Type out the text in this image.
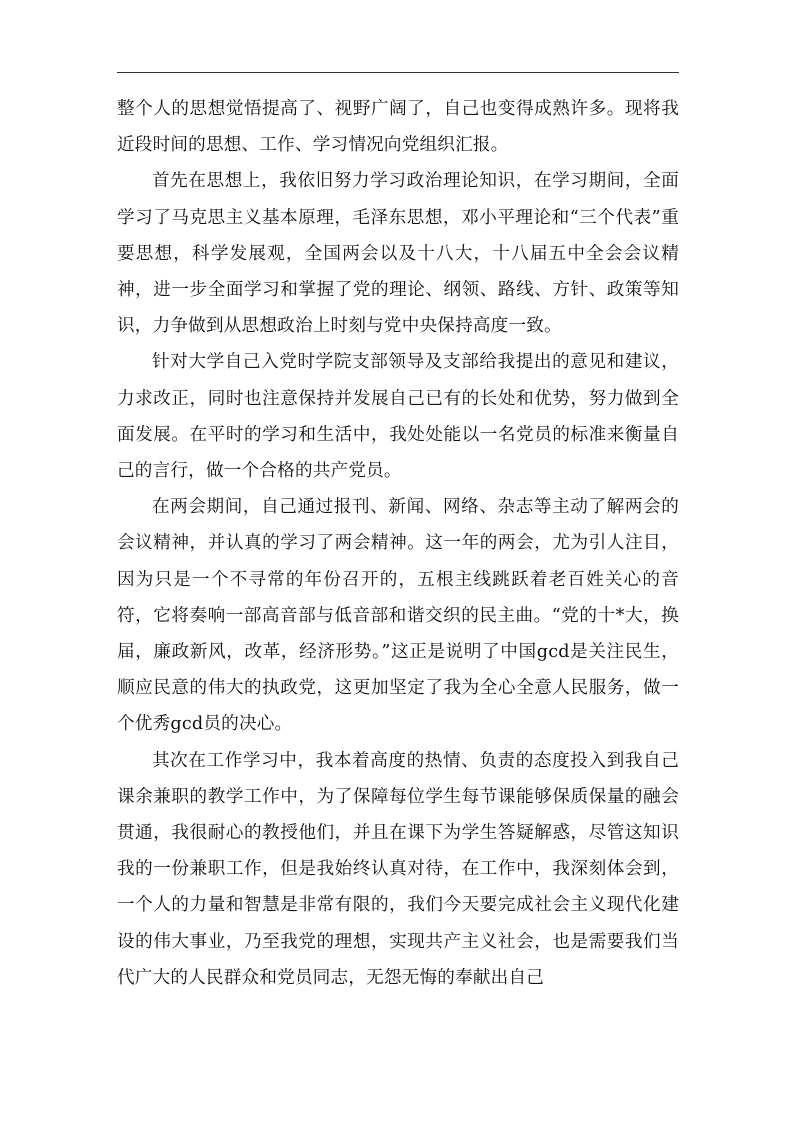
整个人的思想觉悟提高了、视野广阔了，自己也变得成熟许多。现将我近段时间的思想、工作、学习情况向党组织汇报。

首先在思想上，我依旧努力学习政治理论知识，在学习期间，全面学习了马克思主义基本原理，毛泽东思想，邓小平理论和“三个代表”重要思想，科学发展观，全国两会以及十八大，十八届五中全会会议精神，进一步全面学习和掌握了党的理论、纲领、路线、方针、政策等知识，力争做到从思想政治上时刻与党中央保持高度一致。

针对大学自己入党时学院支部领导及支部给我提出的意见和建议，力求改正，同时也注意保持并发展自己已有的长处和优势，努力做到全面发展。在平时的学习和生活中，我处处能以一名党员的标准来衡量自己的言行，做一个合格的共产党员。

在两会期间，自己通过报刊、新闻、网络、杂志等主动了解两会的会议精神，并认真的学习了两会精神。这一年的两会，尤为引人注目，因为只是一个不寻常的年份召开的，五根主线跳跃着老百姓关心的音符，它将奏响一部高音部与低音部和谐交织的民主曲。“党的十*大，换届，廉政新风，改革，经济形势。”这正是说明了中国gcd是关注民生，顺应民意的伟大的执政党，这更加坚定了我为全心全意人民服务，做一个优秀gcd员的决心。

其次在工作学习中，我本着高度的热情、负责的态度投入到我自己课余兼职的教学工作中，为了保障每位学生每节课能够保质保量的融会贯通，我很耐心的教授他们，并且在课下为学生答疑解惑，尽管这知识我的一份兼职工作，但是我始终认真对待，在工作中，我深刻体会到，一个人的力量和智慧是非常有限的，我们今天要完成社会主义现代化建设的伟大事业，乃至我党的理想，实现共产主义社会，也是需要我们当代广大的人民群众和党员同志，无怨无悔的奉献出自己
